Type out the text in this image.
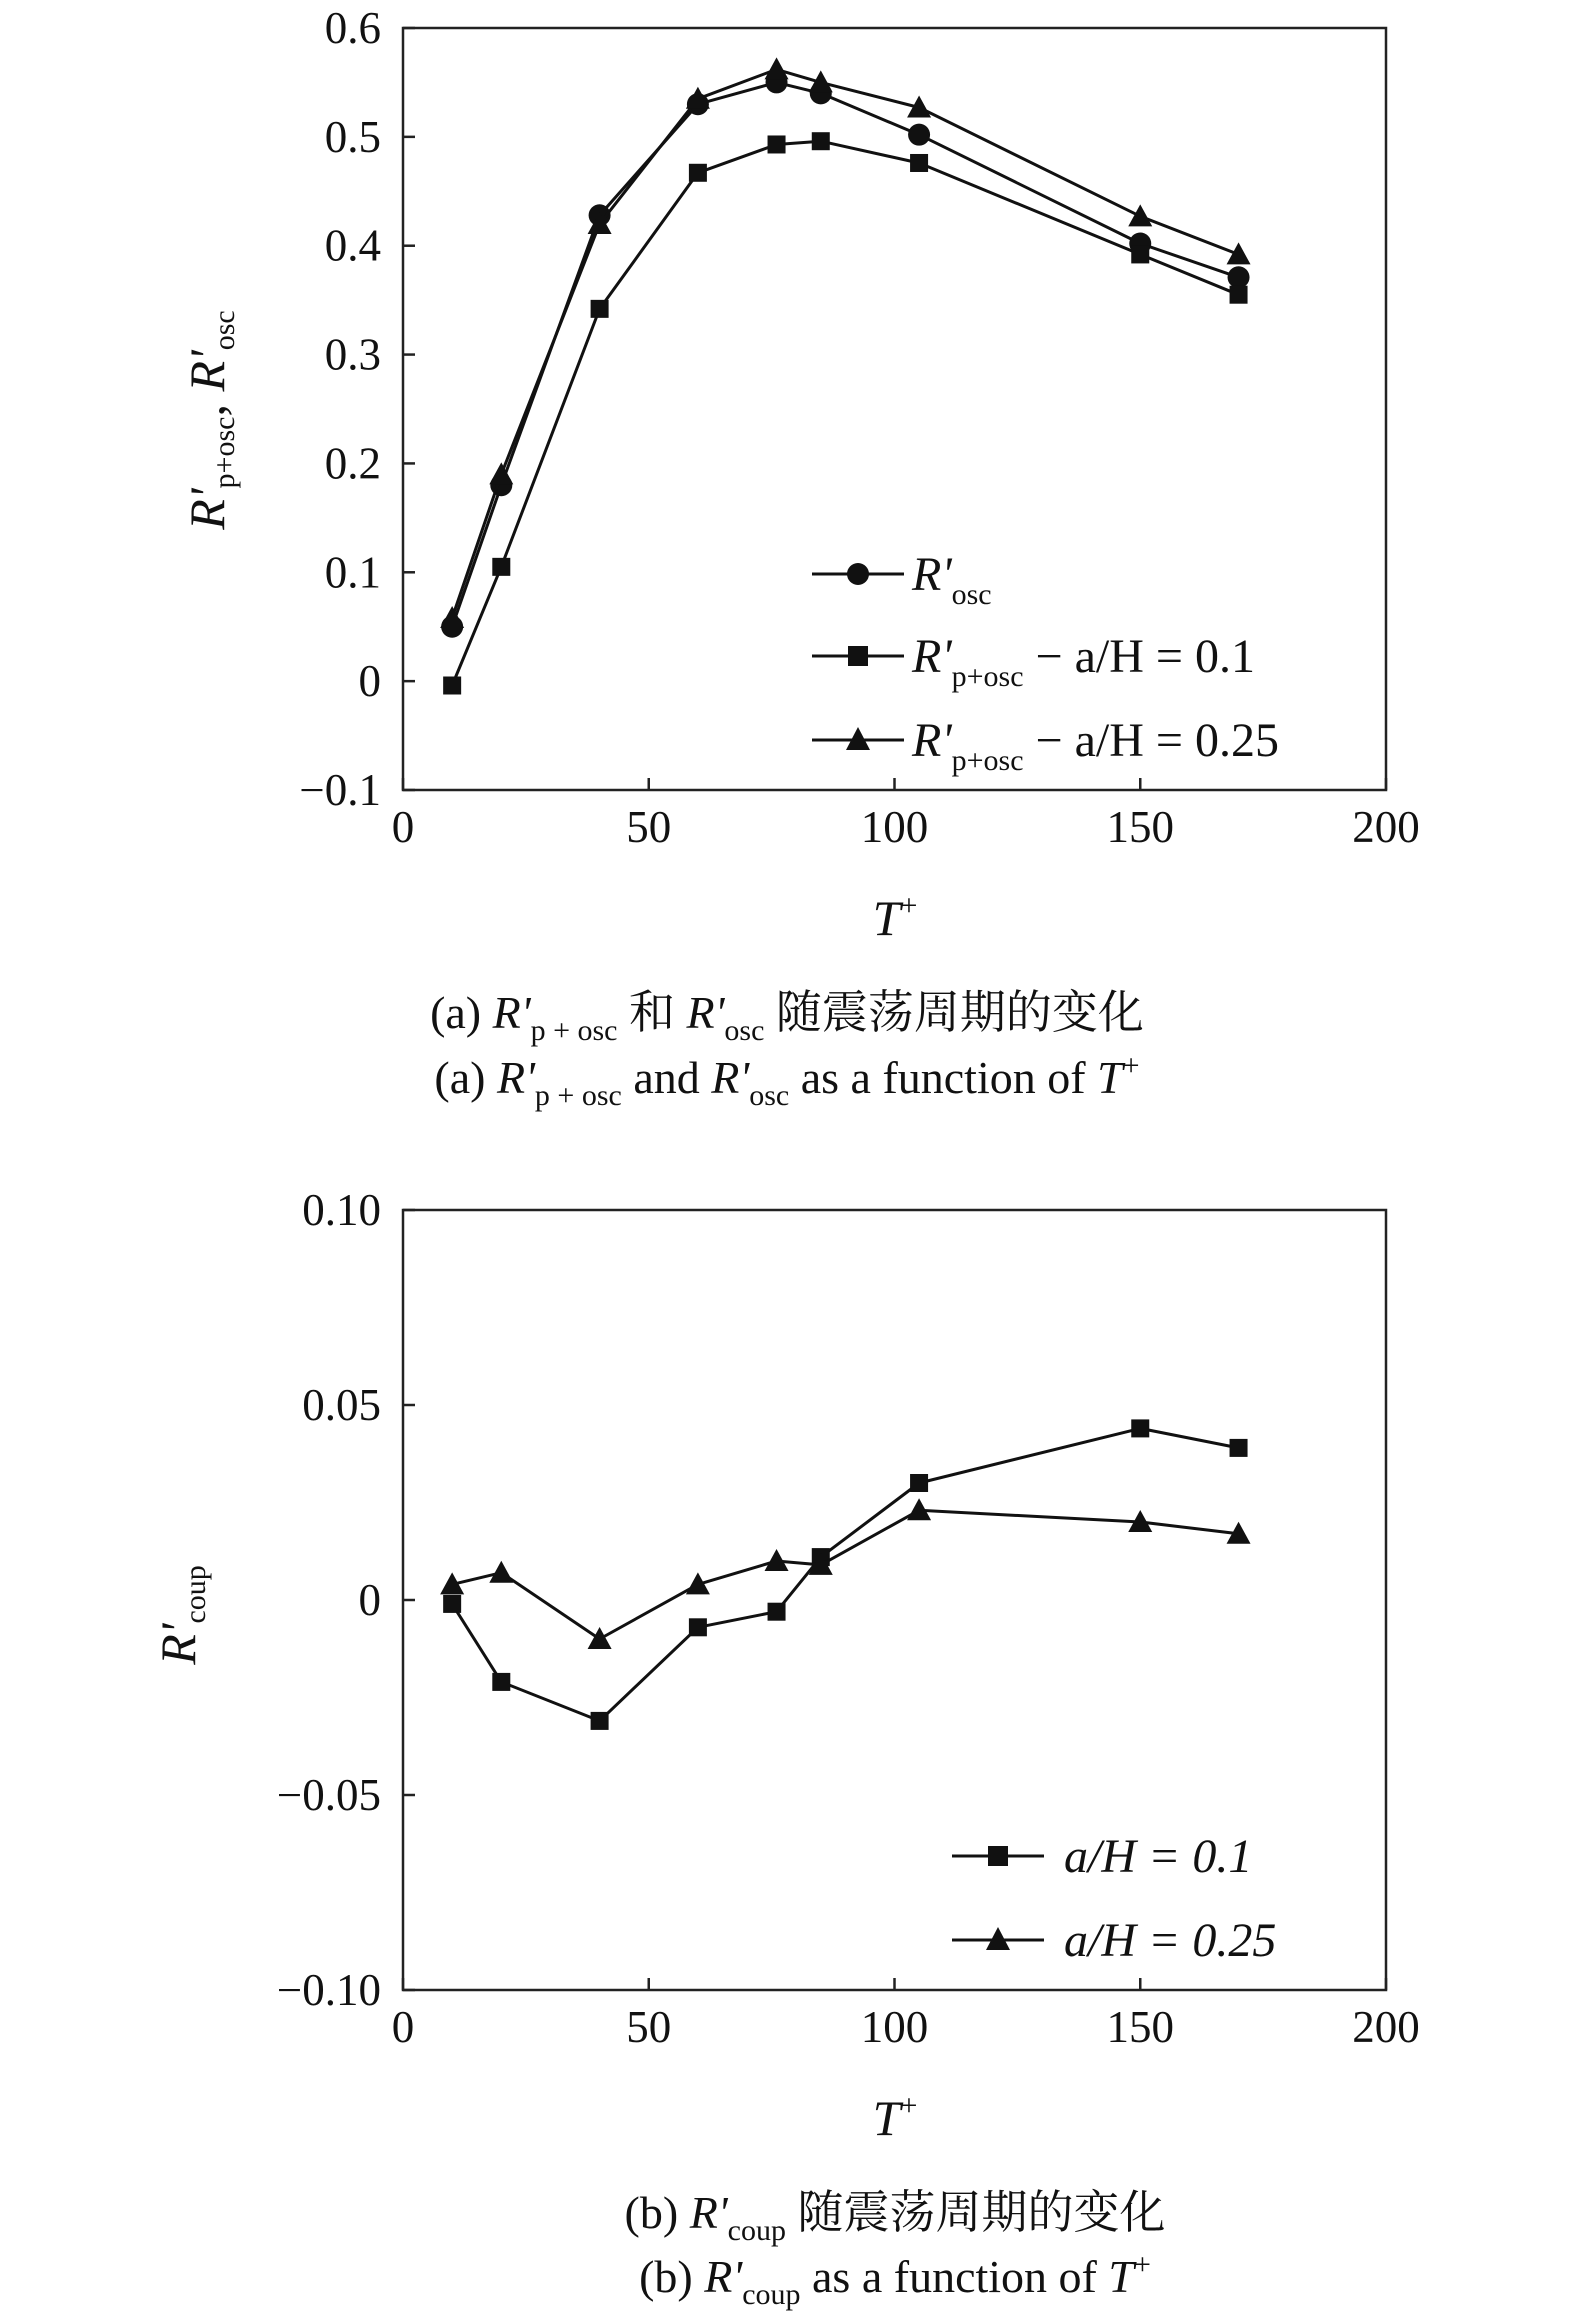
0	50	100	150	200
−0.1
0
0.1
0.2
0.3
0.4
0.5
0.6
$R'_{p+osc}$, $R'_{osc}$
T+
$R'_{osc}$
$R'_{p+osc} - a/H = 0.1$
$R'_{p+osc} - a/H = 0.25$
(a) $R'_{p + osc}$ 和 $R'_{osc}$ 随震荡周期的变化
(a) $R'_{p + osc}$ and $R'_{osc}$ as a function of T+
0	50	100	150	200
−0.10
−0.05
0
0.05
0.10
$R'_{coup}$
T+
a/H = 0.1
a/H = 0.25
(b) $R'_{coup}$ 随震荡周期的变化
(b) $R'_{coup}$ as a function of T+
